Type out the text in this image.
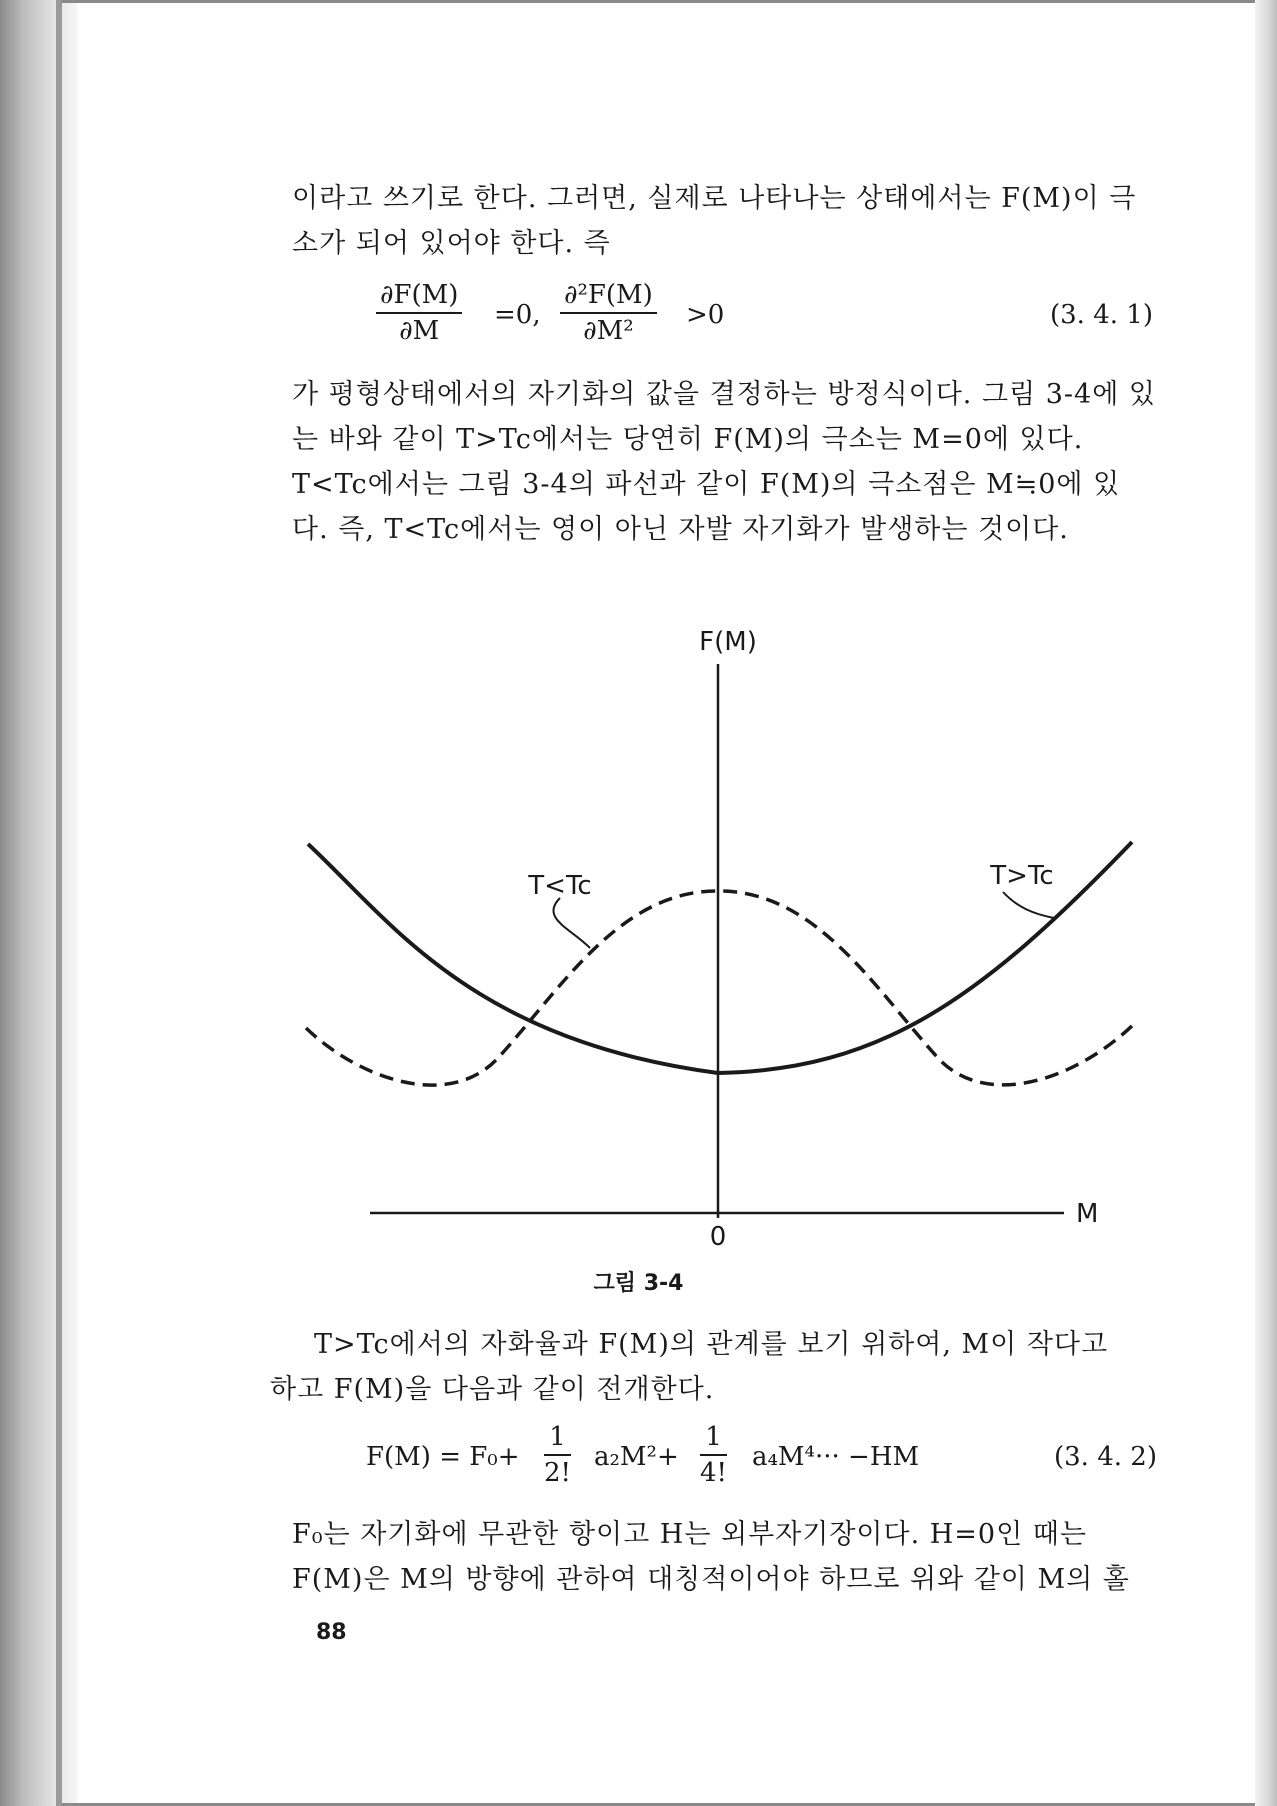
이라고 쓰기로 한다. 그러면, 실제로 나타나는 상태에서는 F(M)이 극
소가 되어 있어야 한다. 즉
$\frac{\partial F(M)}{\partial M} =0$, $\frac{\text{∂²F(M)}}{\text{∂M²}} >0$	(3. 4. 1)
가 평형상태에서의 자기화의 값을 결정하는 방정식이다. 그림 3-4에 있
는 바와 같이 T>Tc에서는 당연히 F(M)의 극소는 M=0에 있다.
T<Tc에서는 그림 3-4의 파선과 같이 F(M)의 극소점은 M≒0에 있
다. 즉, T<Tc에서는 영이 아닌 자발 자기화가 발생하는 것이다.
F(M)
M
0
T<Tc	T>Tc
그림 3-4
T>Tc에서의 자화율과 F(M)의 관계를 보기 위하여, M이 작다고
하고 F(M)을 다음과 같이 전개한다.
$F(M) = F_0+ \frac{1}{2!} a_2M^2+ \frac{1}{4!} a_4M^4\cdot\cdot\cdot -HM$	(3. 4. 2)
F₀는 자기화에 무관한 항이고 H는 외부자기장이다. H=0인 때는
F(M)은 M의 방향에 관하여 대칭적이어야 하므로 위와 같이 M의 홀
88
